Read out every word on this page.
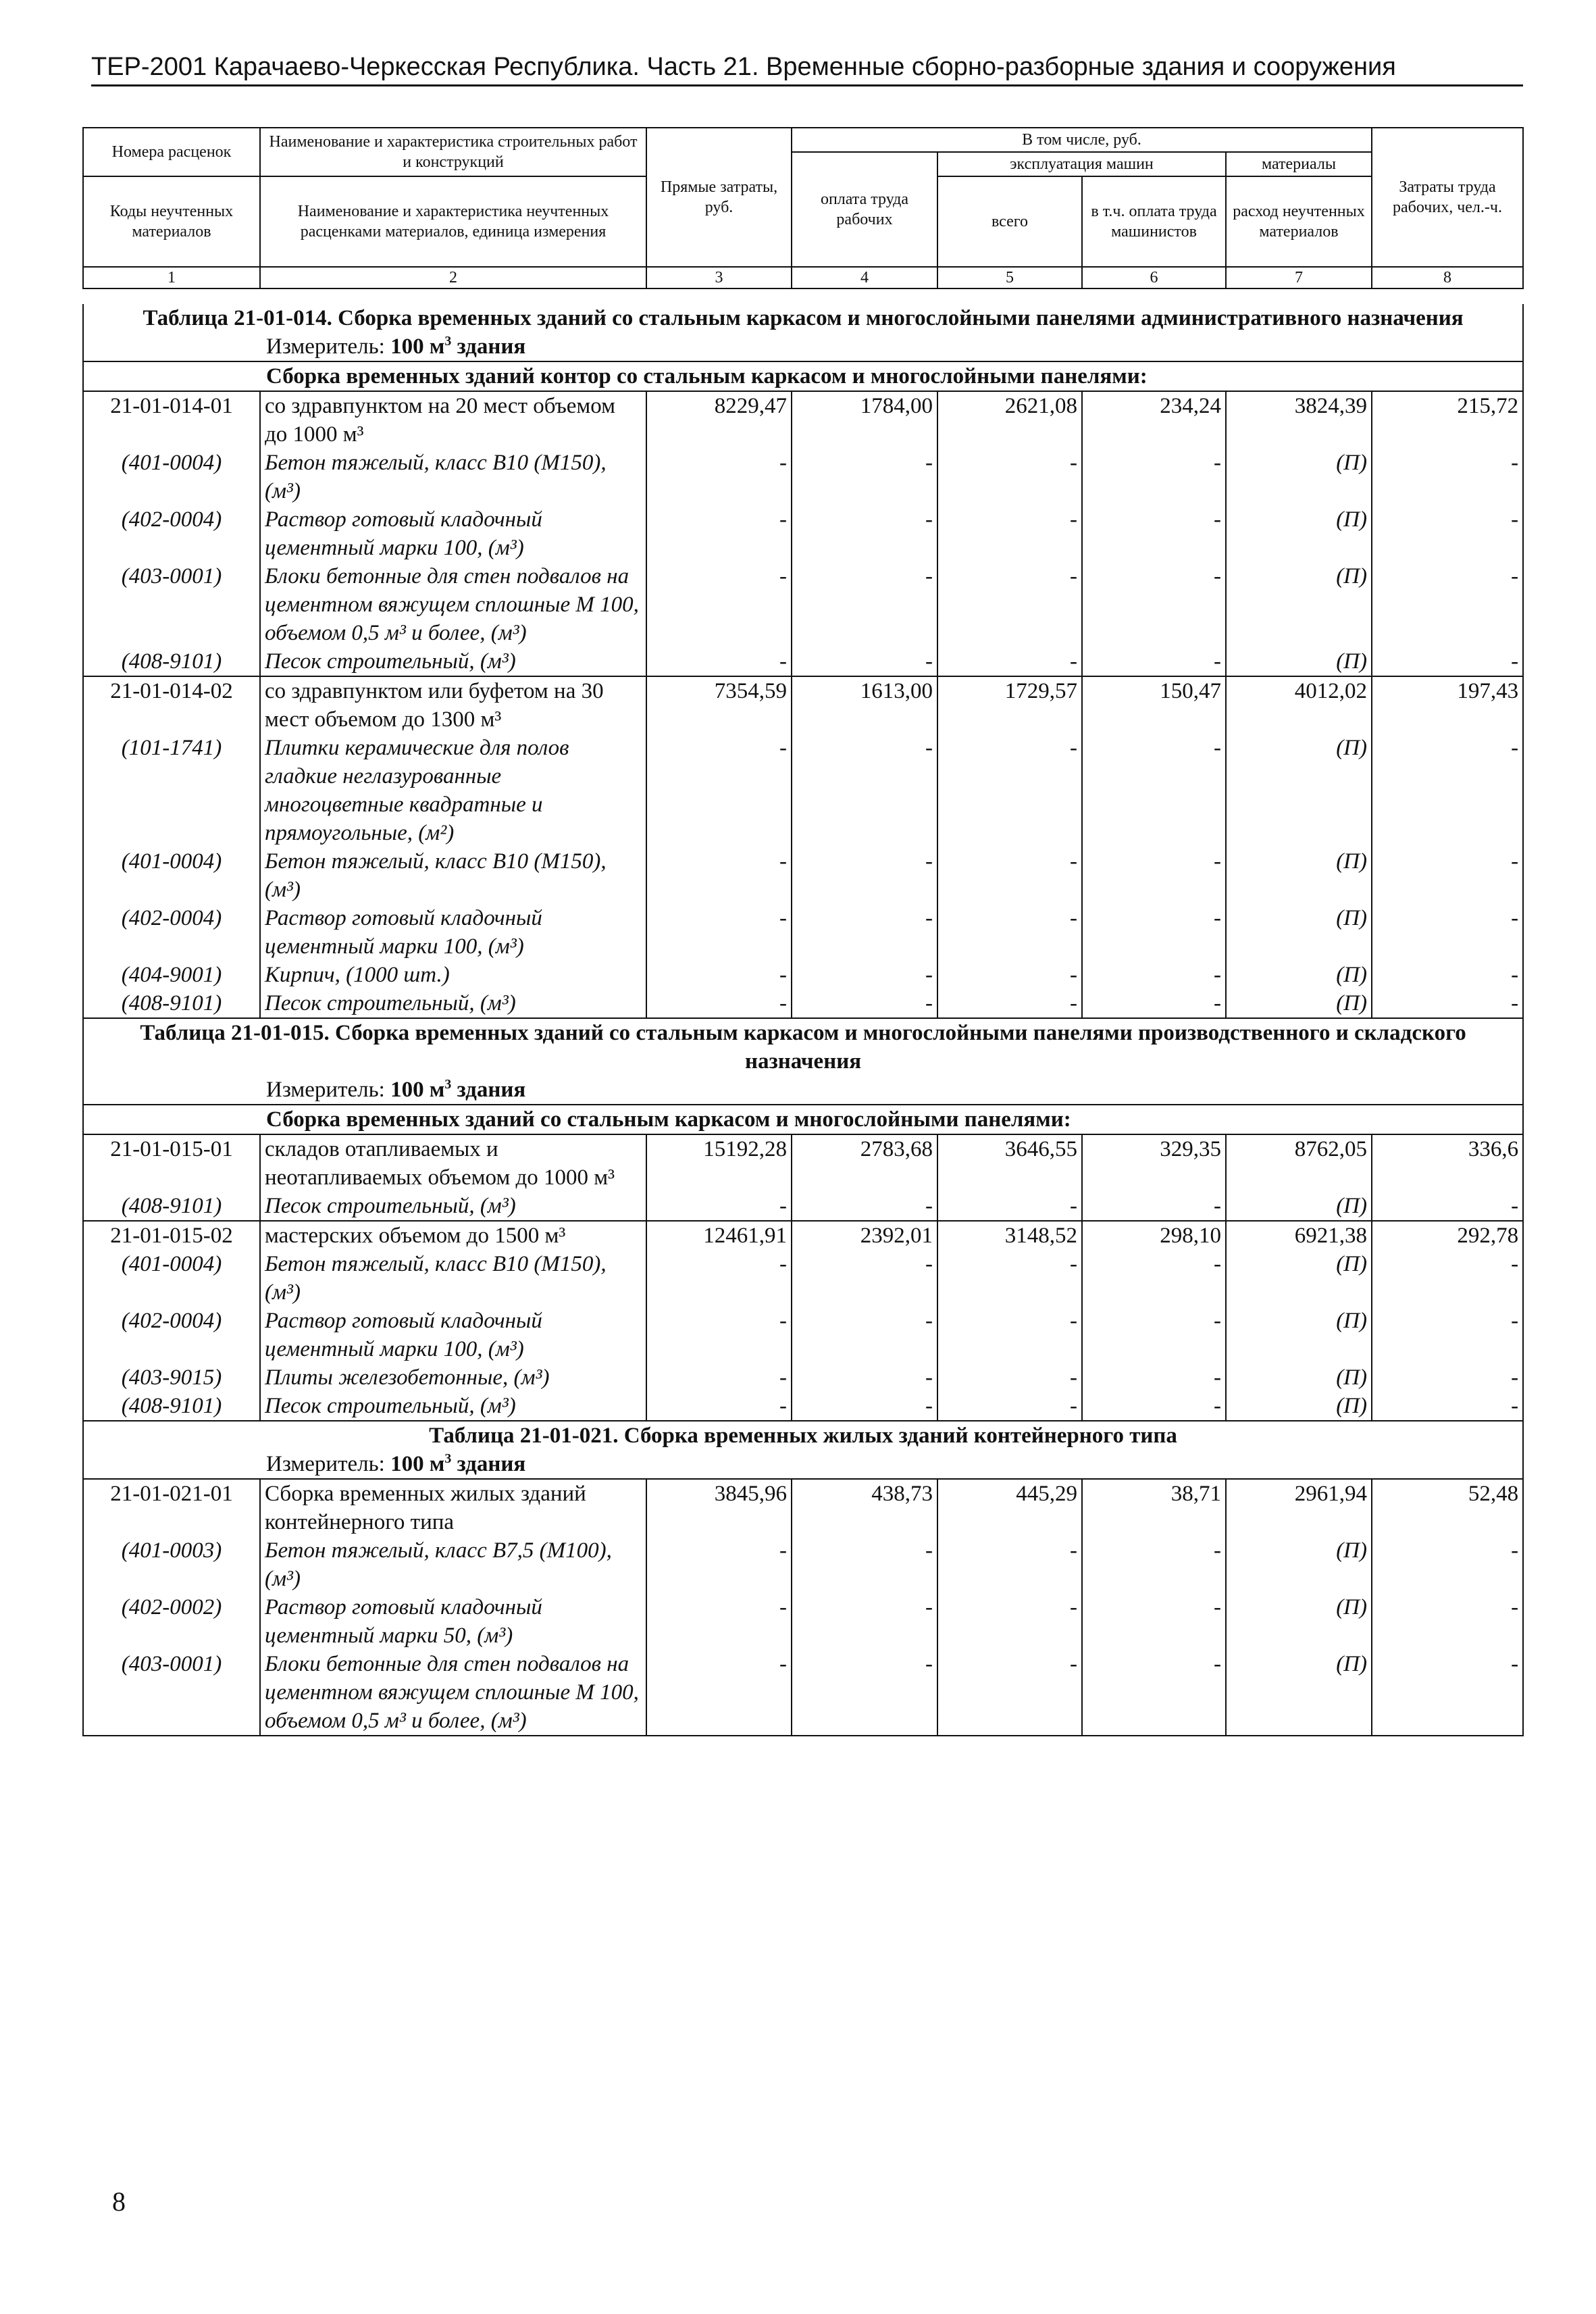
ТЕР-2001 Карачаево-Черкесская Республика. Часть 21. Временные сборно-разборные здания и сооружения
Номера расценок	Наименование и характеристика строительных работ и конструкций	Прямые затраты, руб.	В том числе, руб.				Затраты труда рабочих, чел.-ч.
			оплата труда рабочих	эксплуатация машин		материалы	
Коды неучтенных материалов	Наименование и характеристика неучтенных расценками материалов, единица измерения			всего	в т.ч. оплата труда машинистов	расход неучтенных материалов	

1	2	3	4	5	6	7	8
Таблица 21-01-014. Сборка временных зданий со стальным каркасом и многослойными панелями административного назначения							
Измеритель: 100 $м^3$ здания							
Сборка временных зданий контор со стальным каркасом и многослойными панелями:							
21-01-014-01	со здравпунктом на 20 мест объемом до 1000 м³	8229,47	1784,00	2621,08	234,24	3824,39	215,72
(401-0004)	Бетон тяжелый, класс В10 (М150), (м³)	-	-	-	-	(П)	-
(402-0004)	Раствор готовый кладочный цементный марки 100, (м³)	-	-	-	-	(П)	-
(403-0001)	Блоки бетонные для стен подвалов на цементном вяжущем сплошные М 100, объемом 0,5 м³ и более, (м³)	-	-	-	-	(П)	-
(408-9101)	Песок строительный, (м³)	-	-	-	-	(П)	-
21-01-014-02	со здравпунктом или буфетом на 30 мест объемом до 1300 м³	7354,59	1613,00	1729,57	150,47	4012,02	197,43
(101-1741)	Плитки керамические для полов гладкие неглазурованные многоцветные квадратные и прямоугольные, (м²)	-	-	-	-	(П)	-
(401-0004)	Бетон тяжелый, класс В10 (М150), (м³)	-	-	-	-	(П)	-
(402-0004)	Раствор готовый кладочный цементный марки 100, (м³)	-	-	-	-	(П)	-
(404-9001)	Кирпич, (1000 шт.)	-	-	-	-	(П)	-
(408-9101)	Песок строительный, (м³)	-	-	-	-	(П)	-
Таблица 21-01-015. Сборка временных зданий со стальным каркасом и многослойными панелями производственного и складского назначения							
Измеритель: 100 $м^3$ здания							
Сборка временных зданий со стальным каркасом и многослойными панелями:							
21-01-015-01	складов отапливаемых и неотапливаемых объемом до 1000 м³	15192,28	2783,68	3646,55	329,35	8762,05	336,6
(408-9101)	Песок строительный, (м³)	-	-	-	-	(П)	-
21-01-015-02	мастерских объемом до 1500 м³	12461,91	2392,01	3148,52	298,10	6921,38	292,78
(401-0004)	Бетон тяжелый, класс В10 (М150), (м³)	-	-	-	-	(П)	-
(402-0004)	Раствор готовый кладочный цементный марки 100, (м³)	-	-	-	-	(П)	-
(403-9015)	Плиты железобетонные, (м³)	-	-	-	-	(П)	-
(408-9101)	Песок строительный, (м³)	-	-	-	-	(П)	-
Таблица 21-01-021. Сборка временных жилых зданий контейнерного типа							
Измеритель: 100 $м^3$ здания							
21-01-021-01	Сборка временных жилых зданий контейнерного типа	3845,96	438,73	445,29	38,71	2961,94	52,48
(401-0003)	Бетон тяжелый, класс В7,5 (М100), (м³)	-	-	-	-	(П)	-
(402-0002)	Раствор готовый кладочный цементный марки 50, (м³)	-	-	-	-	(П)	-
(403-0001)	Блоки бетонные для стен подвалов на цементном вяжущем сплошные М 100, объемом 0,5 м³ и более, (м³)	-	-	-	-	(П)	-
8
